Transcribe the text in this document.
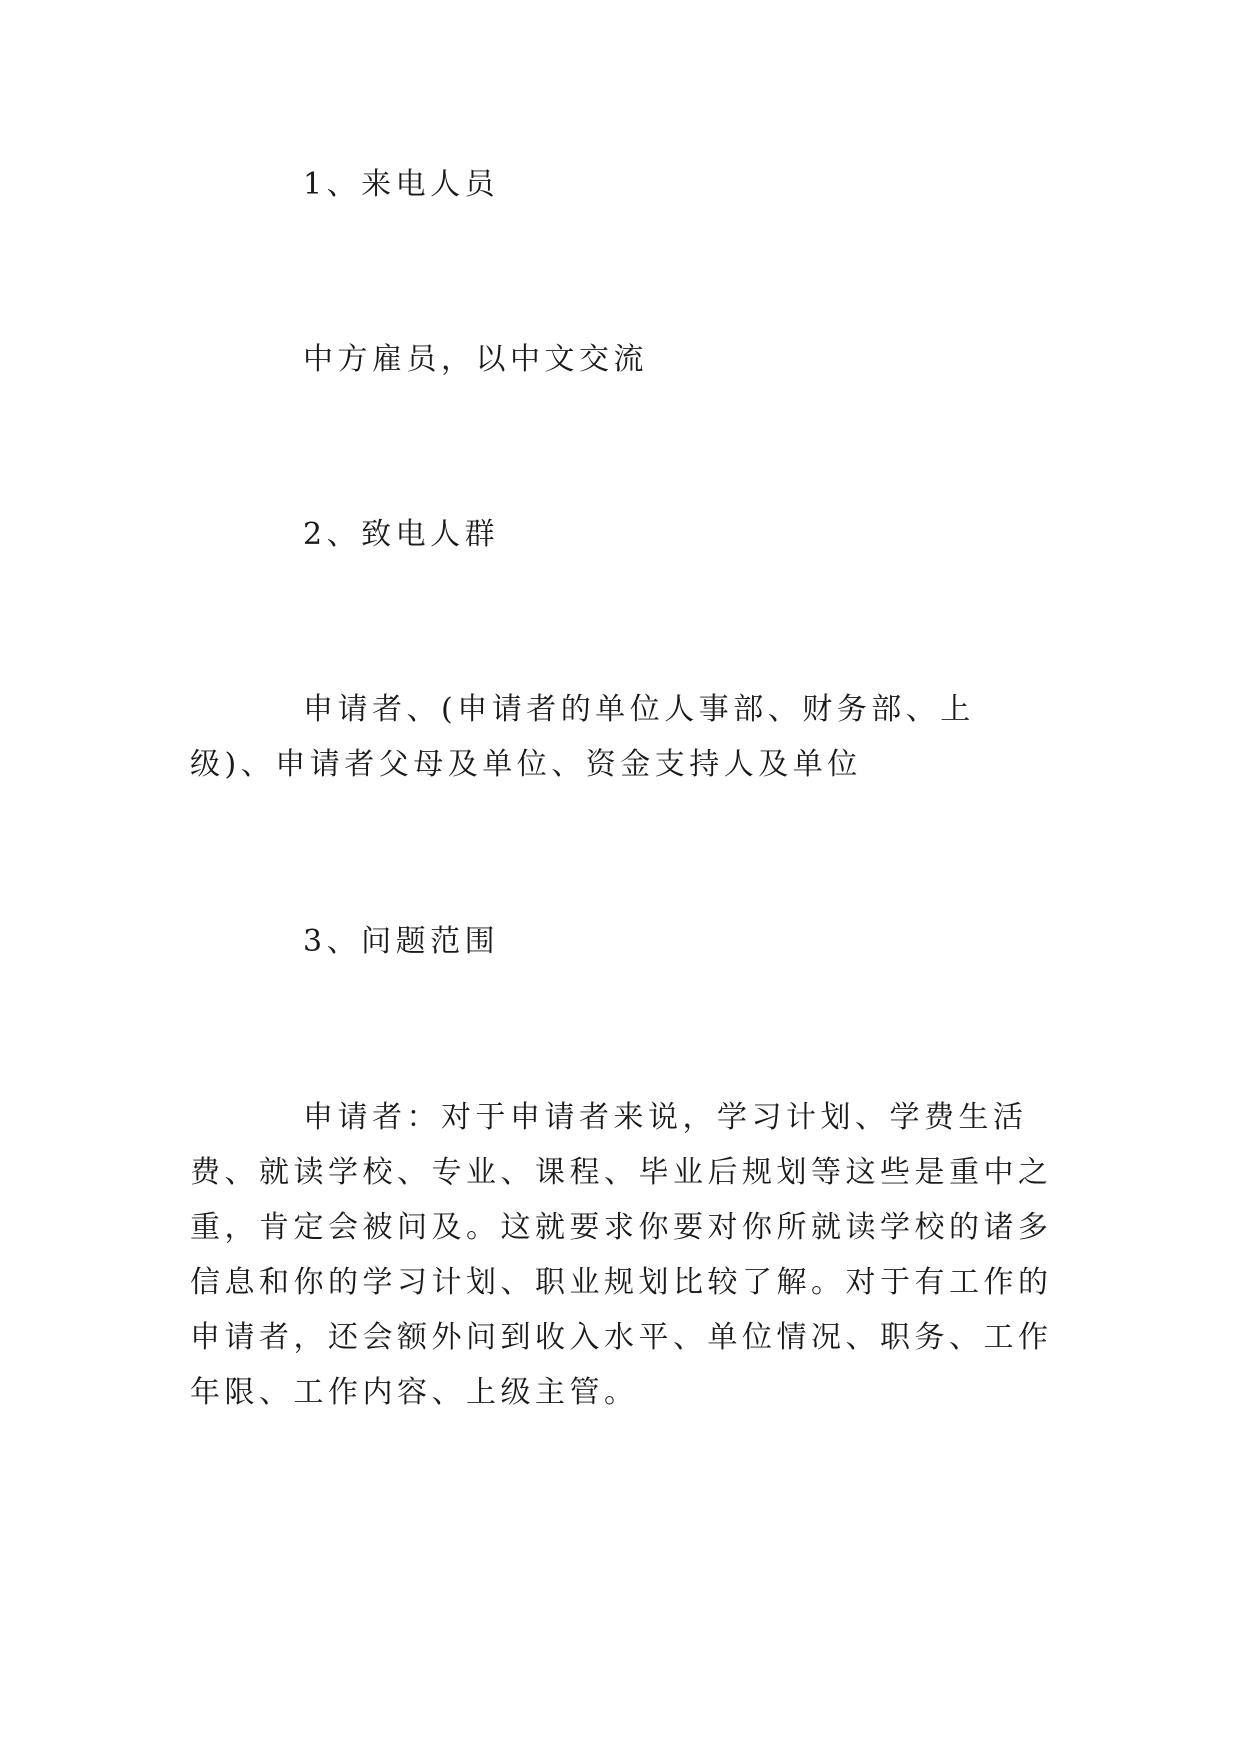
1、来电人员

中方雇员，以中文交流

2、致电人群

申请者、(申请者的单位人事部、财务部、上级)、申请者父母及单位、资金支持人及单位

3、问题范围

申请者：对于申请者来说，学习计划、学费生活费、就读学校、专业、课程、毕业后规划等这些是重中之重，肯定会被问及。这就要求你要对你所就读学校的诸多信息和你的学习计划、职业规划比较了解。对于有工作的申请者，还会额外问到收入水平、单位情况、职务、工作年限、工作内容、上级主管。
